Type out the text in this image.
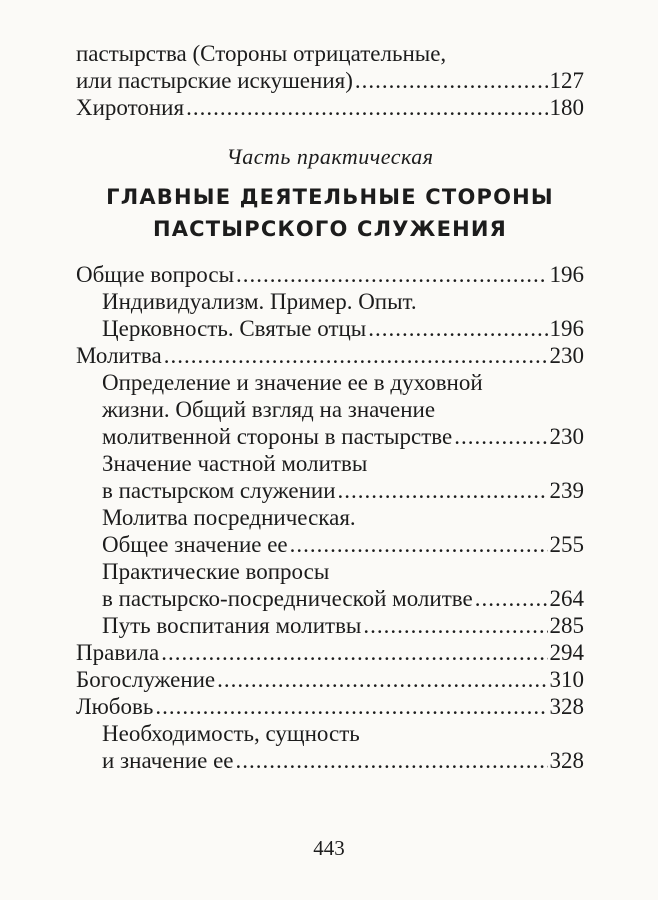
пастырства (Стороны отрицательные,
или пастырские искушения) .....	127
Хиротония .....	180
Часть практическая
ГЛАВНЫЕ ДЕЯТЕЛЬНЫЕ СТОРОНЫ
ПАСТЫРСКОГО СЛУЖЕНИЯ
Общие вопросы .....	196
Индивидуализм. Пример. Опыт.
Церковность. Святые отцы .....	196
Молитва .....	230
Определение и значение ее в духовной
жизни. Общий взгляд на значение
молитвенной стороны в пастырстве .....	230
Значение частной молитвы
в пастырском служении .....	239
Молитва посредническая.
Общее значение ее .....	255
Практические вопросы
в пастырско-посреднической молитве .....	264
Путь воспитания молитвы .....	285
Правила .....	294
Богослужение .....	310
Любовь .....	328
Необходимость, сущность
и значение ее .....	328
443
